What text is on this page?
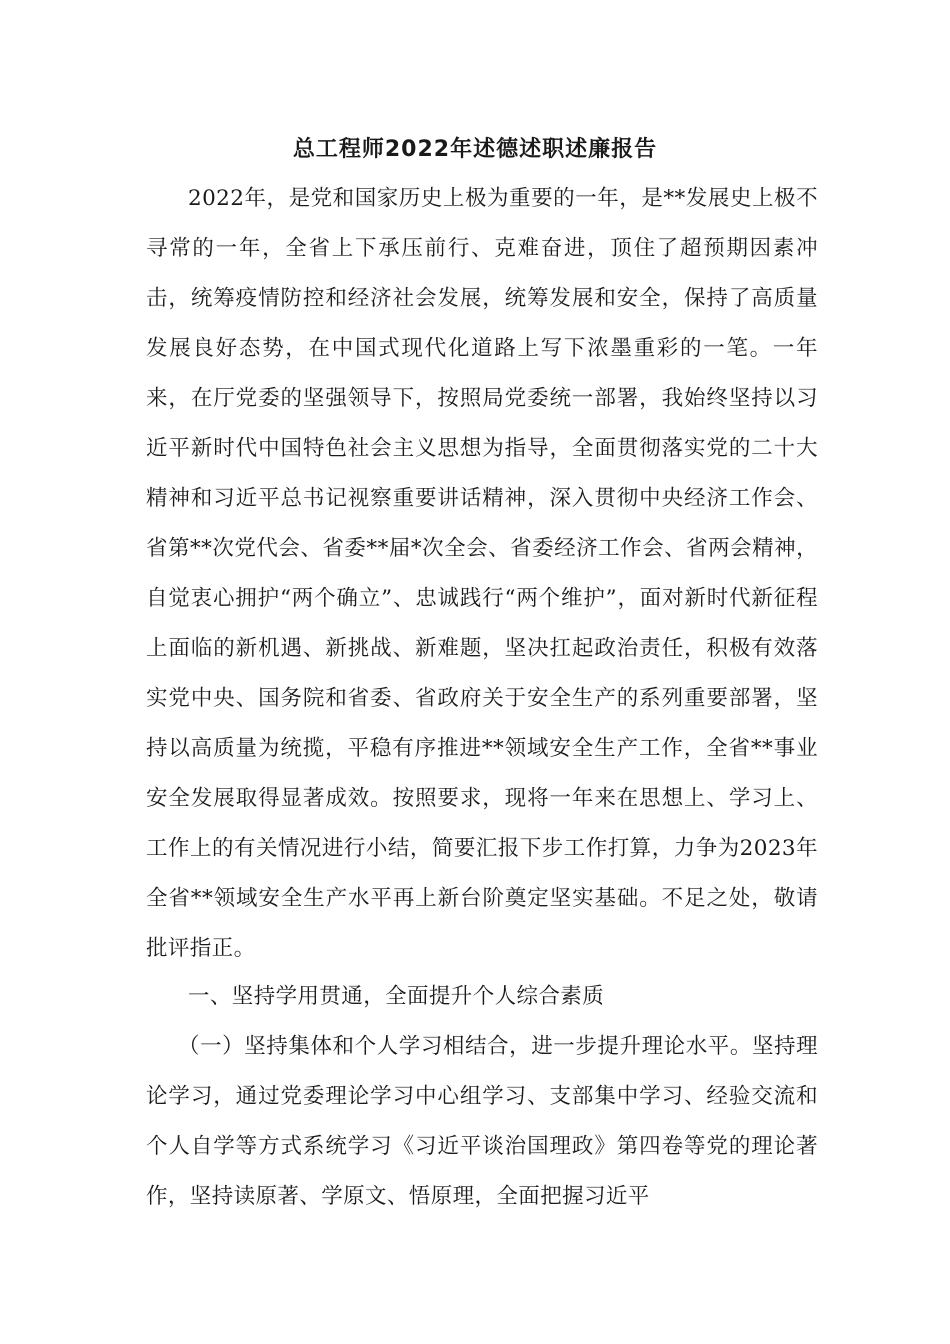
总工程师2022年述德述职述廉报告

2022年，是党和国家历史上极为重要的一年，是**发展史上极不寻常的一年，全省上下承压前行、克难奋进，顶住了超预期因素冲击，统筹疫情防控和经济社会发展，统筹发展和安全，保持了高质量发展良好态势，在中国式现代化道路上写下浓墨重彩的一笔。一年来，在厅党委的坚强领导下，按照局党委统一部署，我始终坚持以习近平新时代中国特色社会主义思想为指导，全面贯彻落实党的二十大精神和习近平总书记视察重要讲话精神，深入贯彻中央经济工作会、省第**次党代会、省委**届*次全会、省委经济工作会、省两会精神，自觉衷心拥护“两个确立”、忠诚践行“两个维护”，面对新时代新征程上面临的新机遇、新挑战、新难题，坚决扛起政治责任，积极有效落实党中央、国务院和省委、省政府关于安全生产的系列重要部署，坚持以高质量为统揽，平稳有序推进**领域安全生产工作，全省**事业安全发展取得显著成效。按照要求，现将一年来在思想上、学习上、工作上的有关情况进行小结，简要汇报下步工作打算，力争为2023年全省**领域安全生产水平再上新台阶奠定坚实基础。不足之处，敬请批评指正。

一、坚持学用贯通，全面提升个人综合素质

（一）坚持集体和个人学习相结合，进一步提升理论水平。坚持理论学习，通过党委理论学习中心组学习、支部集中学习、经验交流和个人自学等方式系统学习《习近平谈治国理政》第四卷等党的理论著作，坚持读原著、学原文、悟原理，全面把握习近平
